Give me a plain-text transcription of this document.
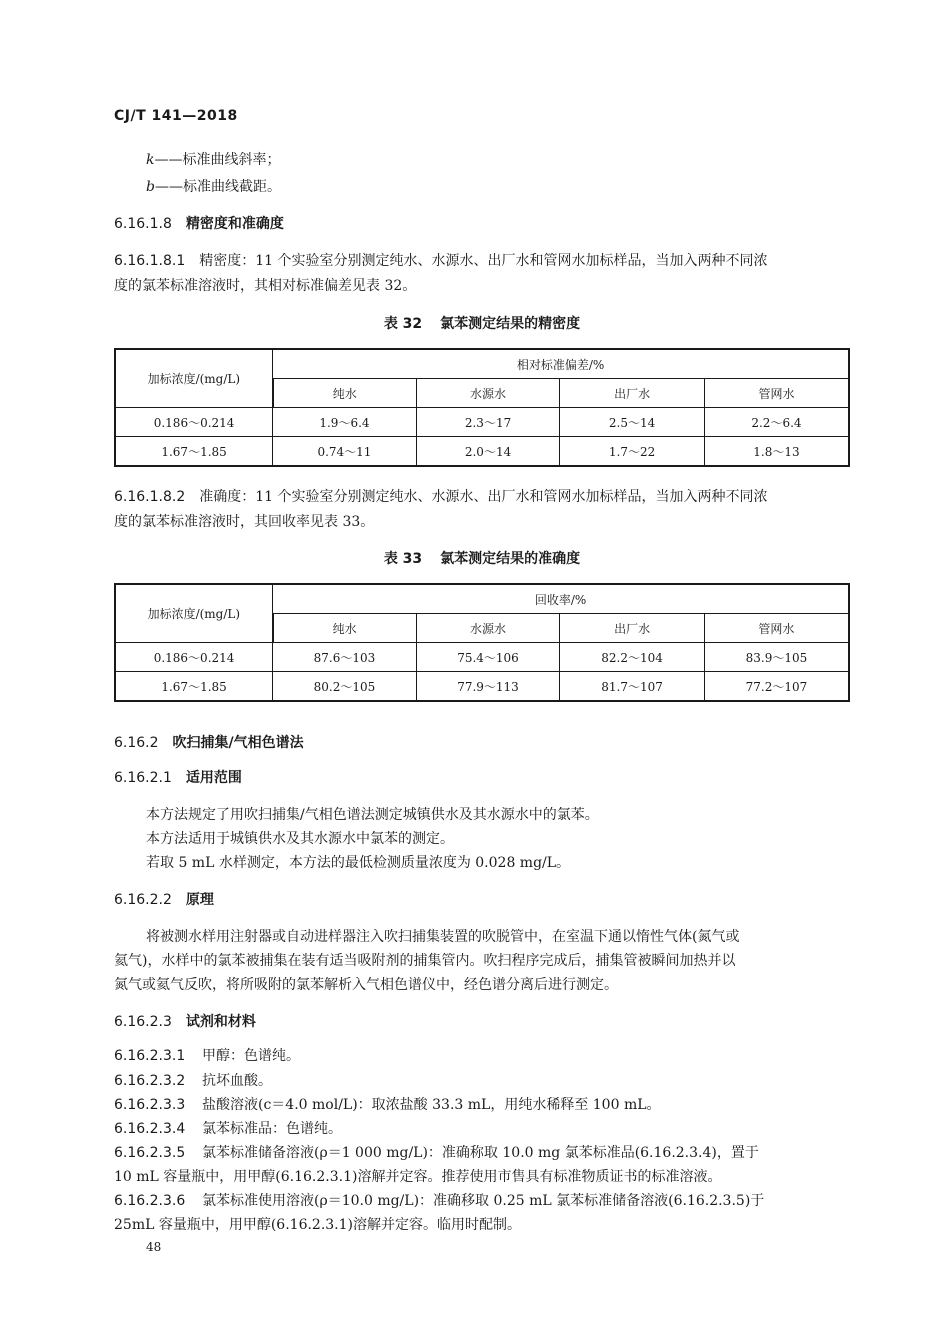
CJ/T 141—2018
k——标准曲线斜率；
b——标准曲线截距。
6.16.1.8 精密度和准确度
6.16.1.8.1 精密度：11 个实验室分别测定纯水、水源水、出厂水和管网水加标样品，当加入两种不同浓
度的氯苯标准溶液时，其相对标准偏差见表 32。
表 32 氯苯测定结果的精密度
加标浓度/(mg/L)	相对标准偏差/%			
	纯水	水源水	出厂水	管网水
0.186～0.214	1.9～6.4	2.3～17	2.5～14	2.2～6.4
1.67～1.85	0.74～11	2.0～14	1.7～22	1.8～13
6.16.1.8.2 准确度：11 个实验室分别测定纯水、水源水、出厂水和管网水加标样品，当加入两种不同浓
度的氯苯标准溶液时，其回收率见表 33。
表 33 氯苯测定结果的准确度
加标浓度/(mg/L)	回收率/%			
	纯水	水源水	出厂水	管网水
0.186～0.214	87.6～103	75.4～106	82.2～104	83.9～105
1.67～1.85	80.2～105	77.9～113	81.7～107	77.2～107
6.16.2 吹扫捕集/气相色谱法
6.16.2.1 适用范围
本方法规定了用吹扫捕集/气相色谱法测定城镇供水及其水源水中的氯苯。
本方法适用于城镇供水及其水源水中氯苯的测定。
若取 5 mL 水样测定，本方法的最低检测质量浓度为 0.028 mg/L。
6.16.2.2 原理
将被测水样用注射器或自动进样器注入吹扫捕集装置的吹脱管中，在室温下通以惰性气体(氮气或
氦气)，水样中的氯苯被捕集在装有适当吸附剂的捕集管内。吹扫程序完成后，捕集管被瞬间加热并以
氮气或氦气反吹，将所吸附的氯苯解析入气相色谱仪中，经色谱分离后进行测定。
6.16.2.3 试剂和材料
6.16.2.3.1 甲醇：色谱纯。
6.16.2.3.2 抗坏血酸。
6.16.2.3.3 盐酸溶液(c＝4.0 mol/L)：取浓盐酸 33.3 mL，用纯水稀释至 100 mL。
6.16.2.3.4 氯苯标准品：色谱纯。
6.16.2.3.5 氯苯标准储备溶液(ρ＝1 000 mg/L)：准确称取 10.0 mg 氯苯标准品(6.16.2.3.4)，置于
10 mL 容量瓶中，用甲醇(6.16.2.3.1)溶解并定容。推荐使用市售具有标准物质证书的标准溶液。
6.16.2.3.6 氯苯标准使用溶液(ρ＝10.0 mg/L)：准确移取 0.25 mL 氯苯标准储备溶液(6.16.2.3.5)于
25mL 容量瓶中，用甲醇(6.16.2.3.1)溶解并定容。临用时配制。
48
